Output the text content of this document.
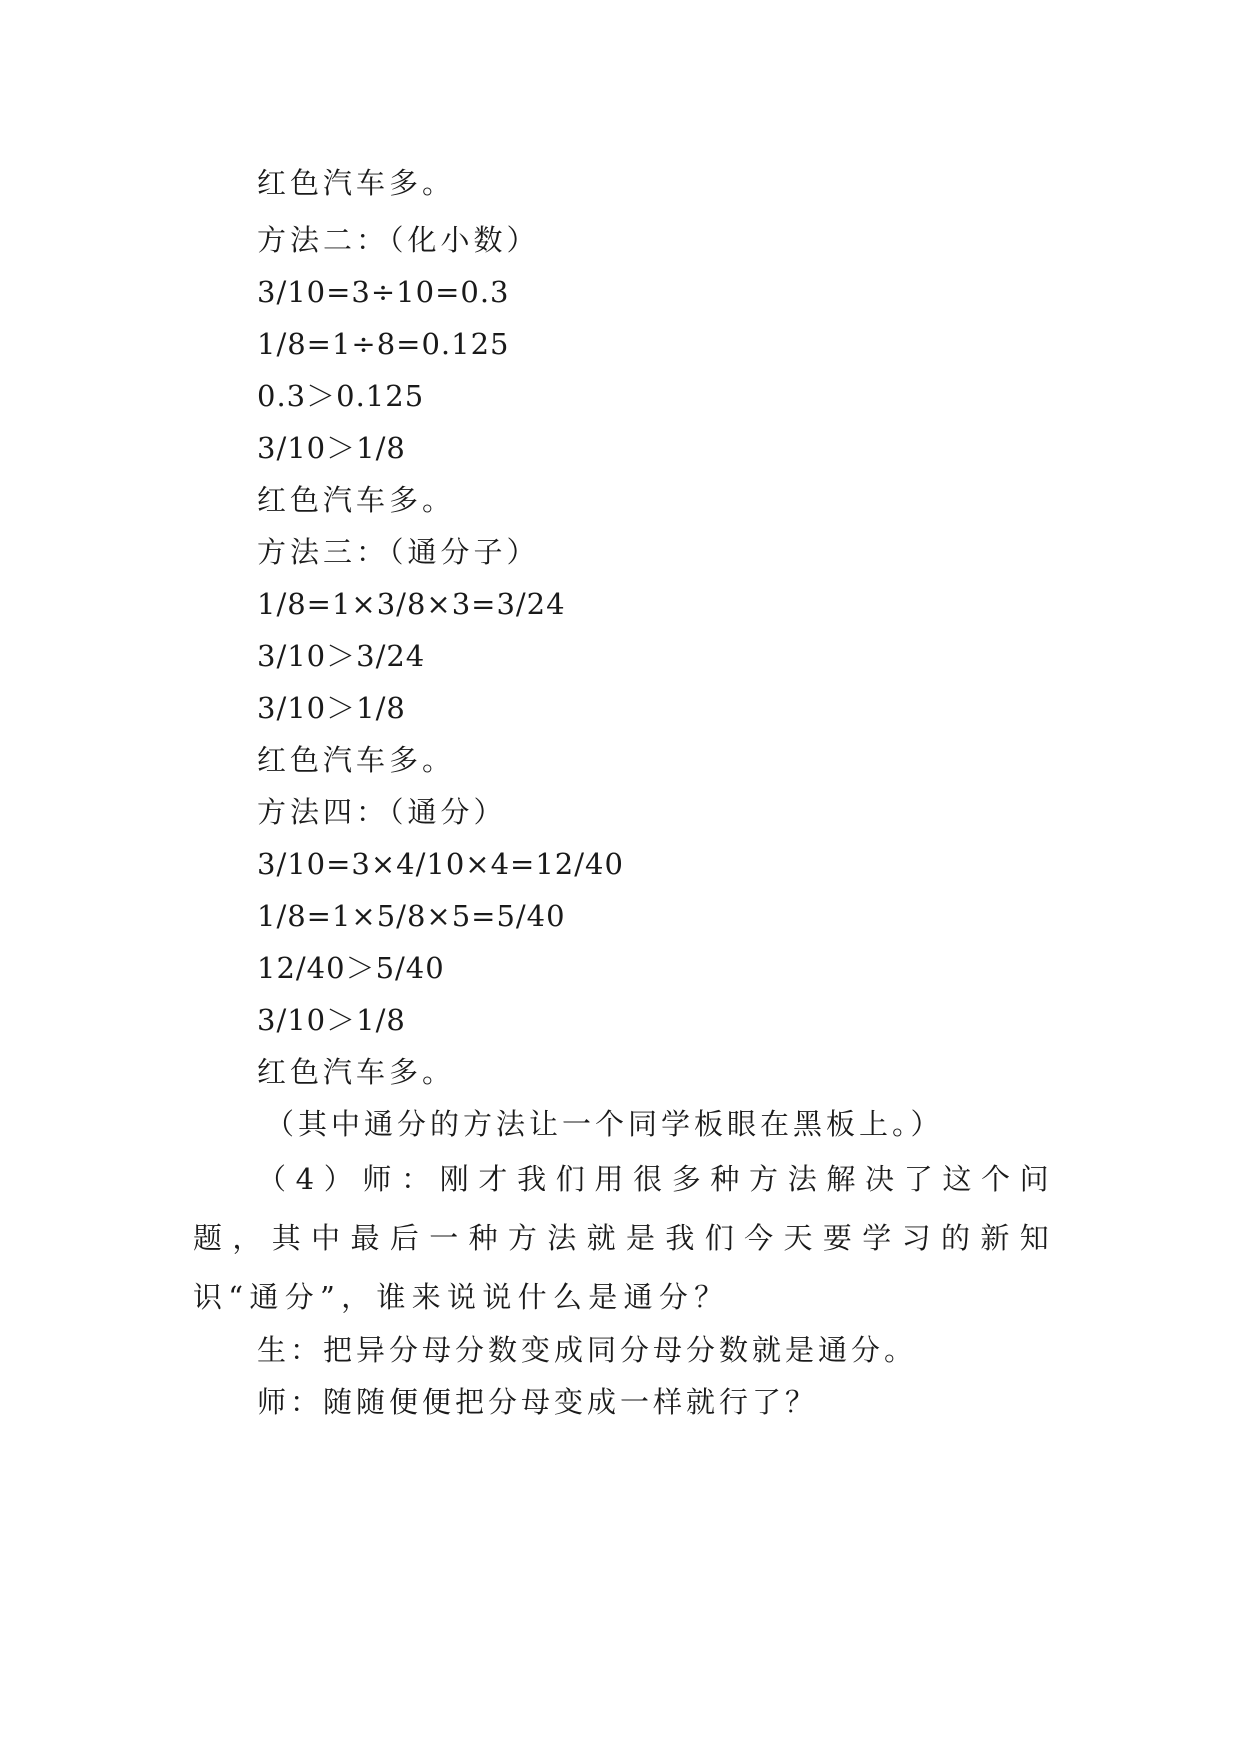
红色汽车多。
方法二：（化小数）
3/10=3÷10=0.3
1/8=1÷8=0.125
0.3＞0.125
3/10＞1/8
红色汽车多。
方法三：（通分子）
1/8=1×3/8×3=3/24
3/10＞3/24
3/10＞1/8
红色汽车多。
方法四：（通分）
3/10=3×4/10×4=12/40
1/8=1×5/8×5=5/40
12/40＞5/40
3/10＞1/8
红色汽车多。
（其中通分的方法让一个同学板眼在黑板上。）
（4）师：刚才我们用很多种方法解决了这个问题，其中最后一种方法就是我们今天要学习的新知识“通分”，谁来说说什么是通分？
生：把异分母分数变成同分母分数就是通分。
师：随随便便把分母变成一样就行了？
